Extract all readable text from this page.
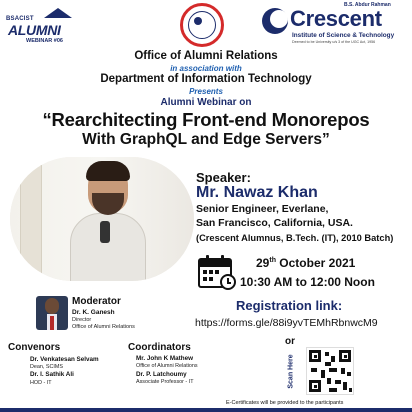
BSACIST
ALUMNI
WEBINAR #06
B.S. Abdur Rahman
Crescent
Institute of Science & Technology
Deemed to be University u/s 3 of the UGC Act, 1956
Office of Alumni Relations
in association with
Department of Information Technology
Presents
Alumni Webinar on
“Rearchitecting Front-end Monorepos
With GraphQL and Edge Servers”
Speaker:
Mr. Nawaz Khan
Senior Engineer, Everlane,
San Francisco, California, USA.
(Crescent Alumnus, B.Tech. (IT), 2010 Batch)
29th October 2021
10:30 AM to 12:00 Noon
Moderator
Dr. K. Ganesh
Director
Office of Alumni Relations
Convenors
Dr. Venkatesan Selvam
Dean, SCIMS
Dr. I. Sathik Ali
HOD - IT
Coordinators
Mr. John K Mathew
Office of Alumni Relations
Dr. P. Latchoumy
Associate Professor - IT
Registration link:
https://forms.gle/88i9yvTEMhRbnwcM9
or
Scan Here
E-Certificates will be provided to the participants
